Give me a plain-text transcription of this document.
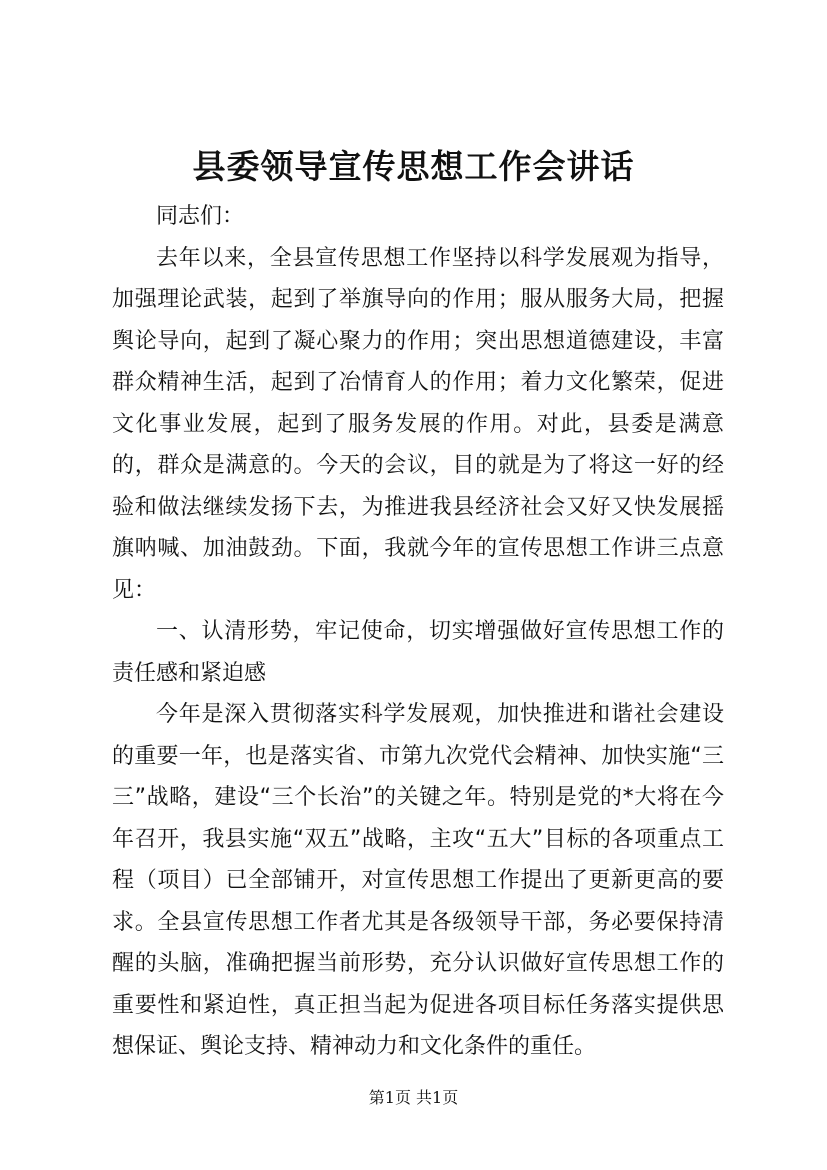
县委领导宣传思想工作会讲话

同志们：

去年以来，全县宣传思想工作坚持以科学发展观为指导，加强理论武装，起到了举旗导向的作用；服从服务大局，把握舆论导向，起到了凝心聚力的作用；突出思想道德建设，丰富群众精神生活，起到了冶情育人的作用；着力文化繁荣，促进文化事业发展，起到了服务发展的作用。对此，县委是满意的，群众是满意的。今天的会议，目的就是为了将这一好的经验和做法继续发扬下去，为推进我县经济社会又好又快发展摇旗呐喊、加油鼓劲。下面，我就今年的宣传思想工作讲三点意见：

一、认清形势，牢记使命，切实增强做好宣传思想工作的责任感和紧迫感

今年是深入贯彻落实科学发展观，加快推进和谐社会建设的重要一年，也是落实省、市第九次党代会精神、加快实施“三三”战略，建设“三个长治”的关键之年。特别是党的*大将在今年召开，我县实施“双五”战略，主攻“五大”目标的各项重点工程（项目）已全部铺开，对宣传思想工作提出了更新更高的要求。全县宣传思想工作者尤其是各级领导干部，务必要保持清醒的头脑，准确把握当前形势，充分认识做好宣传思想工作的重要性和紧迫性，真正担当起为促进各项目标任务落实提供思想保证、舆论支持、精神动力和文化条件的重任。

第1页 共1页
